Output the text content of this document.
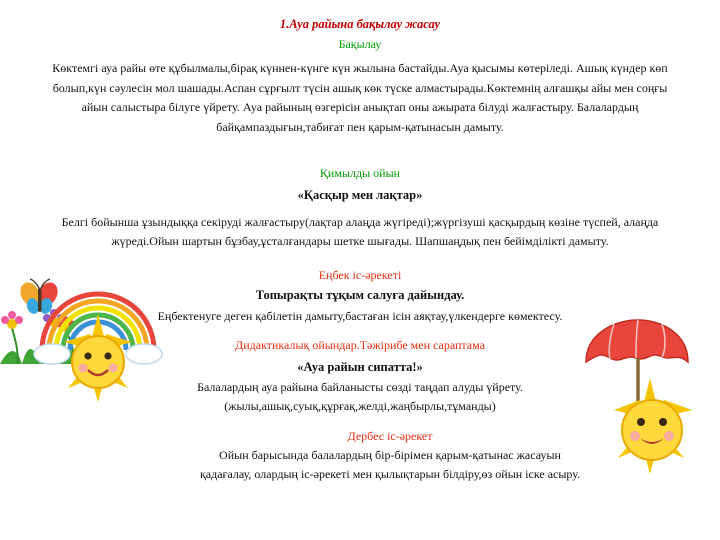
1.Ауа райына бақылау жасау
Бақылау
Көктемгі ауа райы өте құбылмалы,бірақ күннен-күнге күн жылына бастайды.Ауа қысымы көтеріледі. Ашық күндер көп болып,күн сәулесін мол шашады.Аспан сұрғылт түсін ашық көк түске алмастырады.Көктемнің алғашқы айы мен соңғы айын салыстыра білуге үйрету. Ауа райының өзгерісін анықтап оны ажырата білуді жалғастыру. Балалардың байқампаздығын,табиғат пен қарым-қатынасын дамыту.
Қимылды ойын
«Қасқыр мен лақтар»
Белгі бойынша ұзындыққа секіруді жалғастыру(лақтар алаңда жүгіреді);жүргізуші қасқырдың көзіне түспей, алаңда жүреді.Ойын шартын бұзбау,ұсталғандары шетке шығады. Шапшаңдық пен бейімділікті дамыту.
Еңбек іс-әрекеті
Топырақты тұқым салуға дайындау.
Еңбектенуге деген қабілетін дамыту,бастаған ісін аяқтау,үлкендерге көмектесу.
Дидактикалық ойындар.Тәжірибе мен сараптама
«Ауа райын сипатта!»
Балалардың ауа райына байланысты сөзді таңдап алуды үйрету.
(жылы,ашық,суық,құрғақ,желді,жаңбырлы,тұманды)
Дербес іс-әрекет
Ойын барысында балалардың бір-бірімен қарым-қатынас жасауын
қадағалау, олардың іс-әрекеті мен қылықтарын білдіру,өз ойын іске асыру.
